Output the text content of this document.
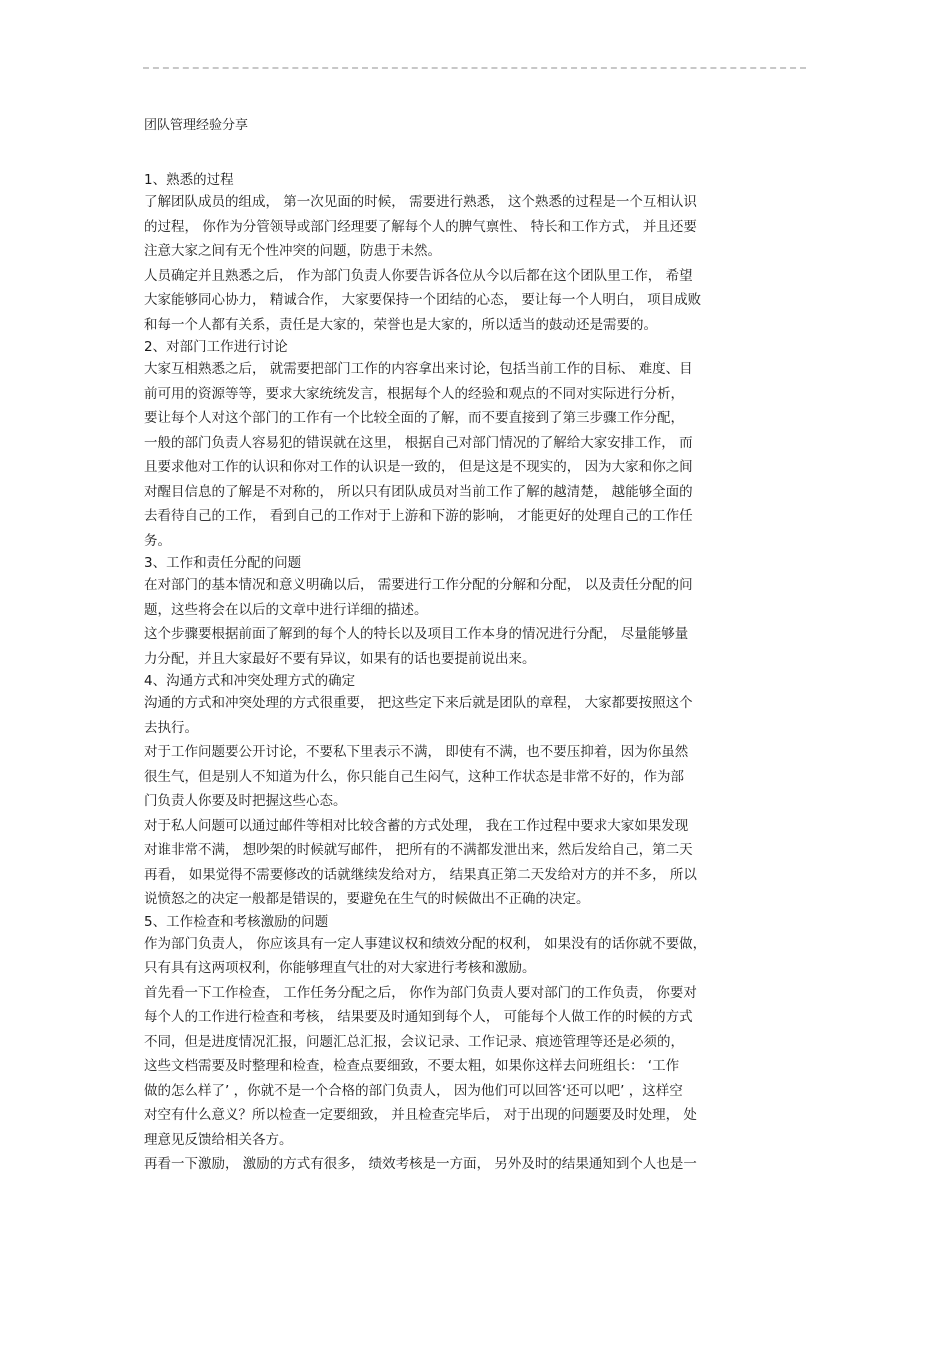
团队管理经验分享
1、熟悉的过程
了解团队成员的组成， 第一次见面的时候， 需要进行熟悉， 这个熟悉的过程是一个互相认识
的过程， 你作为分管领导或部门经理要了解每个人的脾气禀性、 特长和工作方式， 并且还要
注意大家之间有无个性冲突的问题，防患于未然。
人员确定并且熟悉之后， 作为部门负责人你要告诉各位从今以后都在这个团队里工作， 希望
大家能够同心协力， 精诚合作， 大家要保持一个团结的心态， 要让每一个人明白， 项目成败
和每一个人都有关系，责任是大家的，荣誉也是大家的，所以适当的鼓动还是需要的。
2、对部门工作进行讨论
大家互相熟悉之后， 就需要把部门工作的内容拿出来讨论，包括当前工作的目标、 难度、目
前可用的资源等等，要求大家统统发言，根据每个人的经验和观点的不同对实际进行分析，
要让每个人对这个部门的工作有一个比较全面的了解，而不要直接到了第三步骤工作分配，
一般的部门负责人容易犯的错误就在这里， 根据自己对部门情况的了解给大家安排工作， 而
且要求他对工作的认识和你对工作的认识是一致的， 但是这是不现实的， 因为大家和你之间
对醒目信息的了解是不对称的， 所以只有团队成员对当前工作了解的越清楚， 越能够全面的
去看待自己的工作， 看到自己的工作对于上游和下游的影响， 才能更好的处理自己的工作任
务。
3、工作和责任分配的问题
在对部门的基本情况和意义明确以后， 需要进行工作分配的分解和分配， 以及责任分配的问
题，这些将会在以后的文章中进行详细的描述。
这个步骤要根据前面了解到的每个人的特长以及项目工作本身的情况进行分配， 尽量能够量
力分配，并且大家最好不要有异议，如果有的话也要提前说出来。
4、沟通方式和冲突处理方式的确定
沟通的方式和冲突处理的方式很重要， 把这些定下来后就是团队的章程， 大家都要按照这个
去执行。
对于工作问题要公开讨论，不要私下里表示不满， 即使有不满，也不要压抑着，因为你虽然
很生气，但是别人不知道为什么，你只能自己生闷气，这种工作状态是非常不好的，作为部
门负责人你要及时把握这些心态。
对于私人问题可以通过邮件等相对比较含蓄的方式处理， 我在工作过程中要求大家如果发现
对谁非常不满， 想吵架的时候就写邮件， 把所有的不满都发泄出来，然后发给自己，第二天
再看， 如果觉得不需要修改的话就继续发给对方， 结果真正第二天发给对方的并不多， 所以
说愤怒之的决定一般都是错误的，要避免在生气的时候做出不正确的决定。
5、工作检查和考核激励的问题
作为部门负责人， 你应该具有一定人事建议权和绩效分配的权利， 如果没有的话你就不要做，
只有具有这两项权利，你能够理直气壮的对大家进行考核和激励。
首先看一下工作检查， 工作任务分配之后， 你作为部门负责人要对部门的工作负责， 你要对
每个人的工作进行检查和考核， 结果要及时通知到每个人， 可能每个人做工作的时候的方式
不同，但是进度情况汇报，问题汇总汇报，会议记录、工作记录、痕迹管理等还是必须的，
这些文档需要及时整理和检查，检查点要细致，不要太粗，如果你这样去问班组长： ‘工作
做的怎么样了’ ，你就不是一个合格的部门负责人， 因为他们可以回答‘还可以吧’ ，这样空
对空有什么意义？所以检查一定要细致， 并且检查完毕后， 对于出现的问题要及时处理， 处
理意见反馈给相关各方。
再看一下激励， 激励的方式有很多， 绩效考核是一方面， 另外及时的结果通知到个人也是一
